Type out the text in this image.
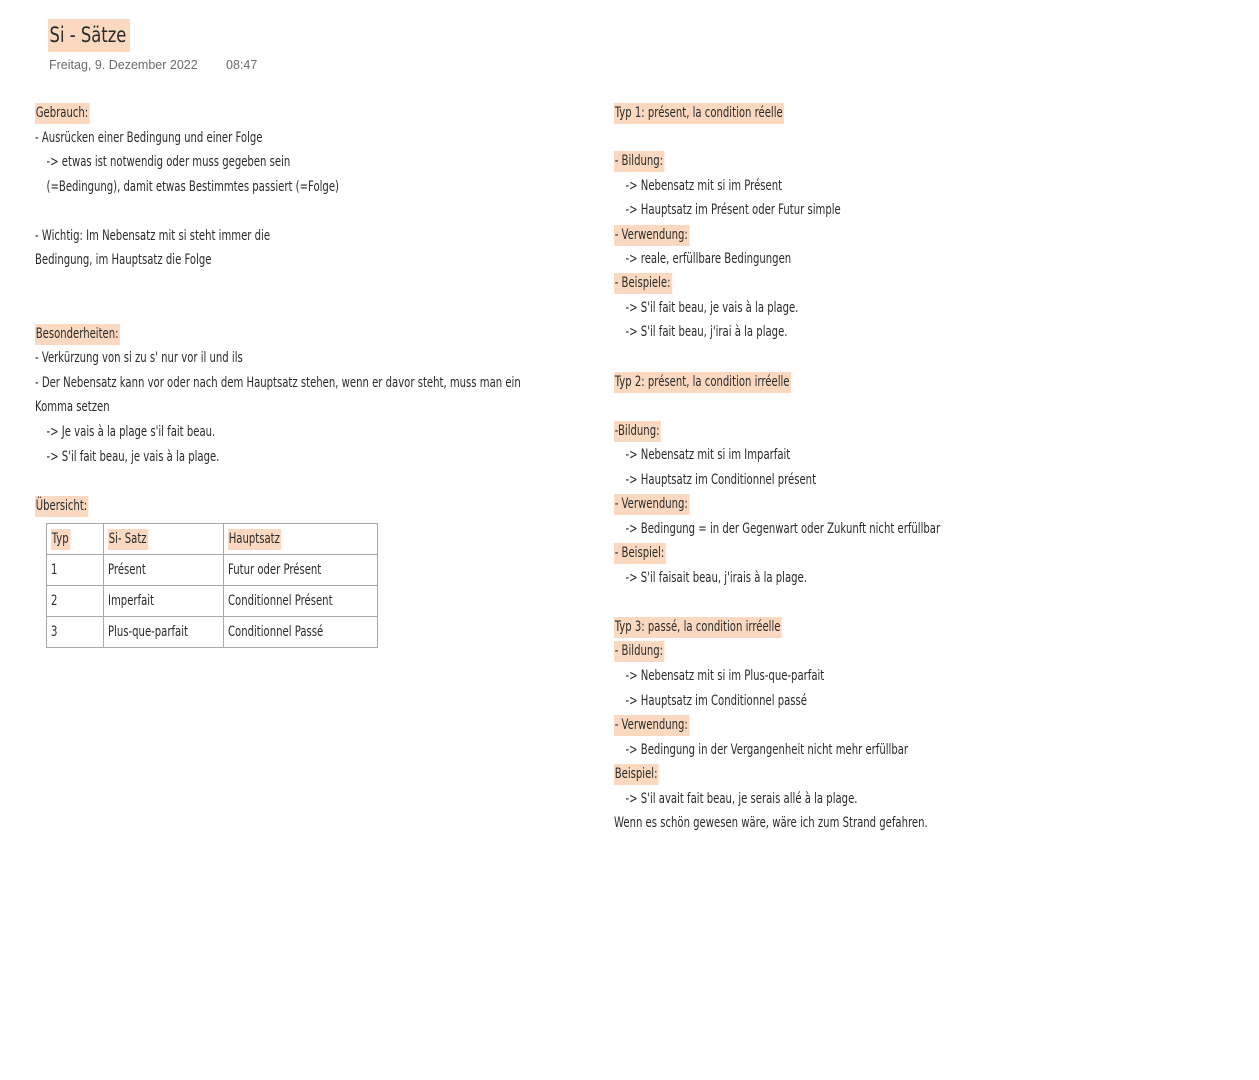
Si - Sätze
Freitag, 9. Dezember 2022 08:47
Gebrauch:
- Ausrücken einer Bedingung und einer Folge
-> etwas ist notwendig oder muss gegeben sein
(=Bedingung), damit etwas Bestimmtes passiert (=Folge)
- Wichtig: Im Nebensatz mit si steht immer die
Bedingung, im Hauptsatz die Folge
Besonderheiten:
- Verkürzung von si zu s' nur vor il und ils
- Der Nebensatz kann vor oder nach dem Hauptsatz stehen, wenn er davor steht, muss man ein
Komma setzen
-> Je vais à la plage s'il fait beau.
-> S'il fait beau, je vais à la plage.
Übersicht:
Typ	Si- Satz	Hauptsatz
1	Présent	Futur oder Présent
2	Imperfait	Conditionnel Présent
3	Plus-que-parfait	Conditionnel Passé
Typ 1: présent, la condition réelle
- Bildung:
-> Nebensatz mit si im Présent
-> Hauptsatz im Présent oder Futur simple
- Verwendung:
-> reale, erfüllbare Bedingungen
- Beispiele:
-> S'il fait beau, je vais à la plage.
-> S'il fait beau, j'irai à la plage.
Typ 2: présent, la condition irréelle
-Bildung:
-> Nebensatz mit si im Imparfait
-> Hauptsatz im Conditionnel présent
- Verwendung:
-> Bedingung = in der Gegenwart oder Zukunft nicht erfüllbar
- Beispiel:
-> S'il faisait beau, j'irais à la plage.
Typ 3: passé, la condition irréelle
- Bildung:
-> Nebensatz mit si im Plus-que-parfait
-> Hauptsatz im Conditionnel passé
- Verwendung:
-> Bedingung in der Vergangenheit nicht mehr erfüllbar
Beispiel:
-> S'il avait fait beau, je serais allé à la plage.
Wenn es schön gewesen wäre, wäre ich zum Strand gefahren.
